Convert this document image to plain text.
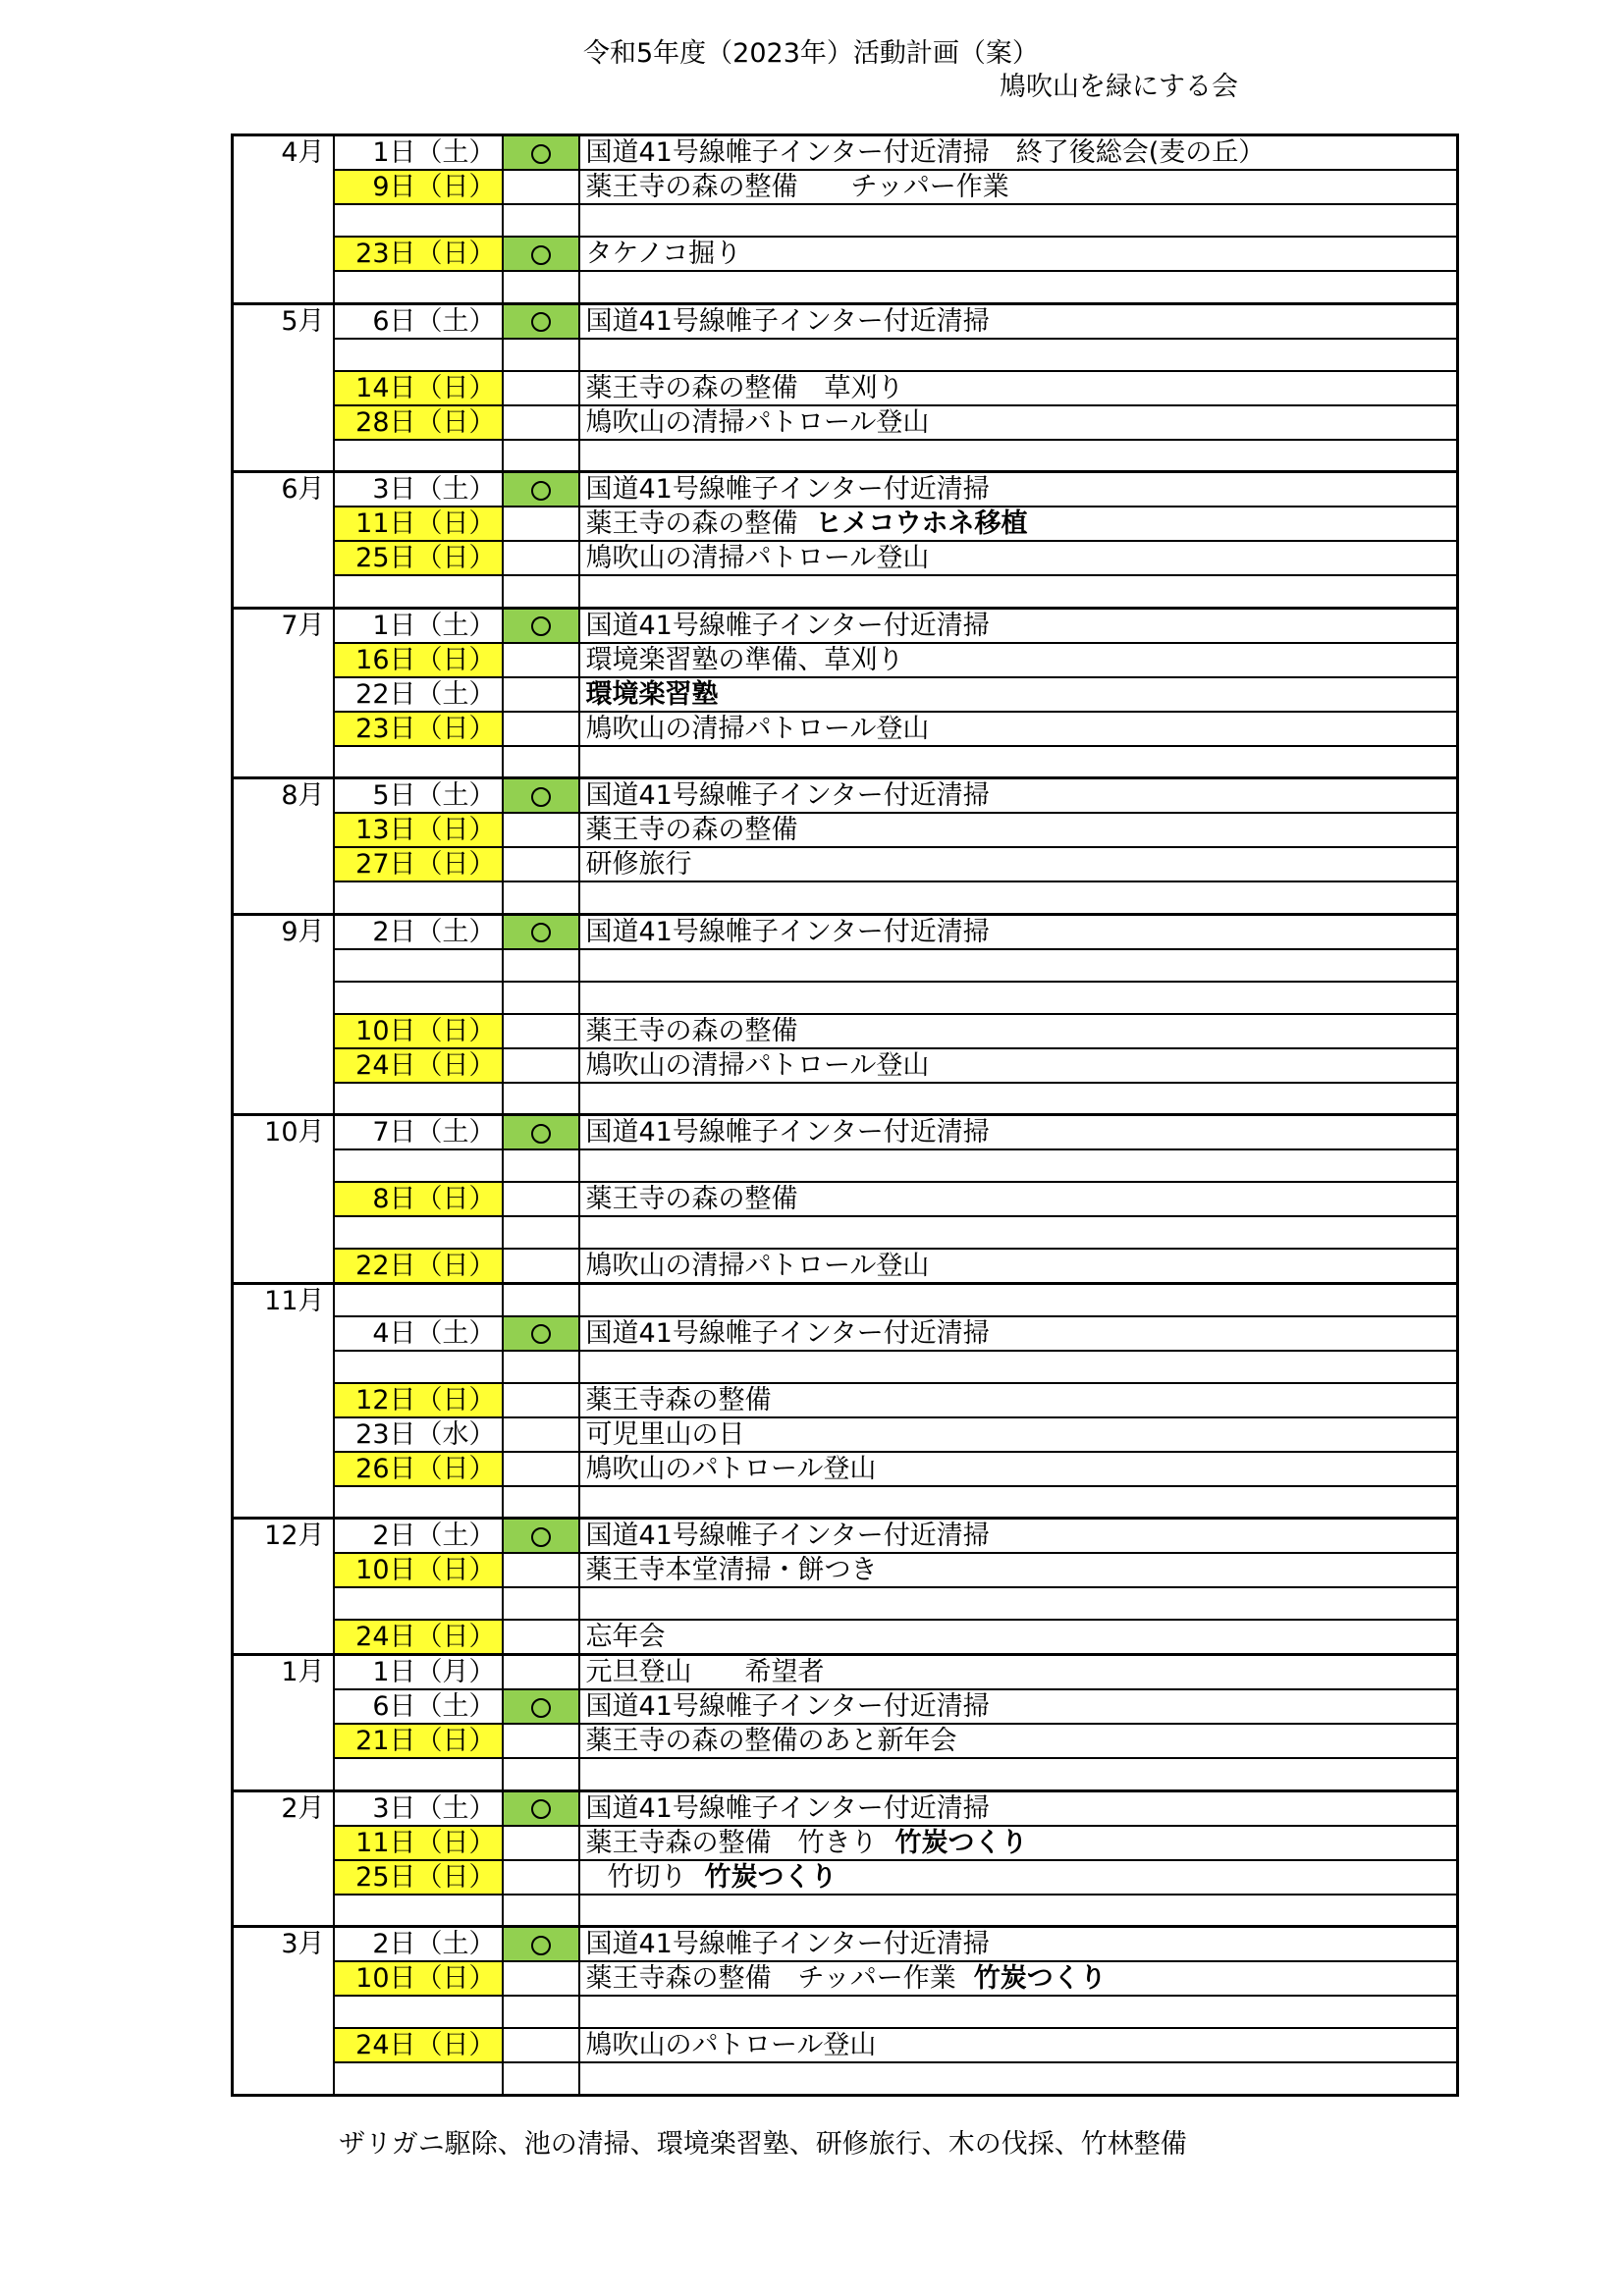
令和5年度（2023年）活動計画（案）
鳩吹山を緑にする会
4月	1日（土）		国道41号線帷子インター付近清掃　終了後総会(麦の丘）
	9日（日）		薬王寺の森の整備　　チッパー作業

	23日（日）		タケノコ掘り

5月	6日（土）		国道41号線帷子インター付近清掃

	14日（日）		薬王寺の森の整備　草刈り
	28日（日）		鳩吹山の清掃パトロール登山

6月	3日（土）		国道41号線帷子インター付近清掃
	11日（日）		薬王寺の森の整備 ヒメコウホネ移植
	25日（日）		鳩吹山の清掃パトロール登山

7月	1日（土）		国道41号線帷子インター付近清掃
	16日（日）		環境楽習塾の準備、草刈り
	22日（土）		環境楽習塾
	23日（日）		鳩吹山の清掃パトロール登山

8月	5日（土）		国道41号線帷子インター付近清掃
	13日（日）		薬王寺の森の整備
	27日（日）		研修旅行

9月	2日（土）		国道41号線帷子インター付近清掃

	10日（日）		薬王寺の森の整備
	24日（日）		鳩吹山の清掃パトロール登山

10月	7日（土）		国道41号線帷子インター付近清掃

	8日（日）		薬王寺の森の整備

	22日（日）		鳩吹山の清掃パトロール登山
11月			
	4日（土）		国道41号線帷子インター付近清掃

	12日（日）		薬王寺森の整備
	23日（水）		可児里山の日
	26日（日）		鳩吹山のパトロール登山

12月	2日（土）		国道41号線帷子インター付近清掃
	10日（日）		薬王寺本堂清掃・餅つき

	24日（日）		忘年会
1月	1日（月）		元旦登山　　希望者
	6日（土）		国道41号線帷子インター付近清掃
	21日（日）		薬王寺の森の整備のあと新年会

2月	3日（土）		国道41号線帷子インター付近清掃
	11日（日）		薬王寺森の整備　竹きり 竹炭つくり
	25日（日）		竹切り 竹炭つくり

3月	2日（土）		国道41号線帷子インター付近清掃
	10日（日）		薬王寺森の整備　チッパー作業 竹炭つくり

	24日（日）		鳩吹山のパトロール登山

ザリガニ駆除、池の清掃、環境楽習塾、研修旅行、木の伐採、竹林整備
